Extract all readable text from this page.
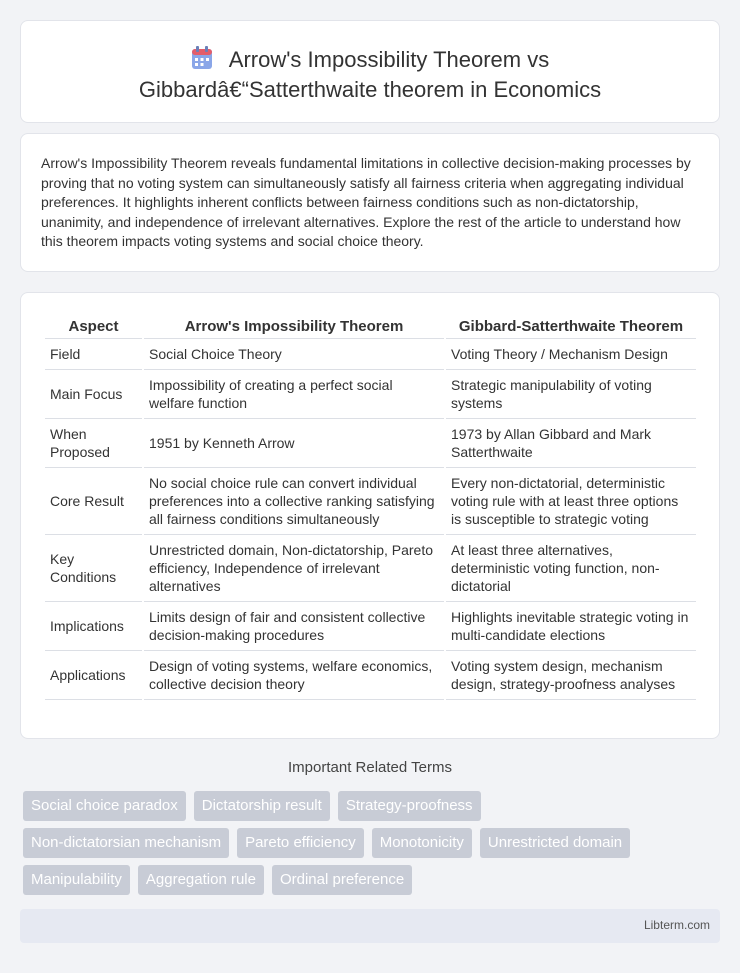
Arrow's Impossibility Theorem vs
Gibbardâ€“Satterthwaite theorem in Economics

Arrow's Impossibility Theorem reveals fundamental limitations in collective decision-making processes by proving that no voting system can simultaneously satisfy all fairness criteria when aggregating individual preferences. It highlights inherent conflicts between fairness conditions such as non-dictatorship, unanimity, and independence of irrelevant alternatives. Explore the rest of the article to understand how this theorem impacts voting systems and social choice theory.

Aspect	Arrow's Impossibility Theorem	Gibbard-Satterthwaite Theorem
Field	Social Choice Theory	Voting Theory / Mechanism Design
Main Focus	Impossibility of creating a perfect social welfare function	Strategic manipulability of voting systems
When Proposed	1951 by Kenneth Arrow	1973 by Allan Gibbard and Mark Satterthwaite
Core Result	No social choice rule can convert individual preferences into a collective ranking satisfying all fairness conditions simultaneously	Every non-dictatorial, deterministic voting rule with at least three options is susceptible to strategic voting
Key Conditions	Unrestricted domain, Non-dictatorship, Pareto efficiency, Independence of irrelevant alternatives	At least three alternatives, deterministic voting function, non-dictatorial
Implications	Limits design of fair and consistent collective decision-making procedures	Highlights inevitable strategic voting in multi-candidate elections
Applications	Design of voting systems, welfare economics, collective decision theory	Voting system design, mechanism design, strategy-proofness analyses
Important Related Terms
Social choice paradox	Dictatorship result	Strategy-proofness
Non-dictatorsian mechanism	Pareto efficiency	Monotonicity	Unrestricted domain
Manipulability	Aggregation rule	Ordinal preference
Libterm.com
